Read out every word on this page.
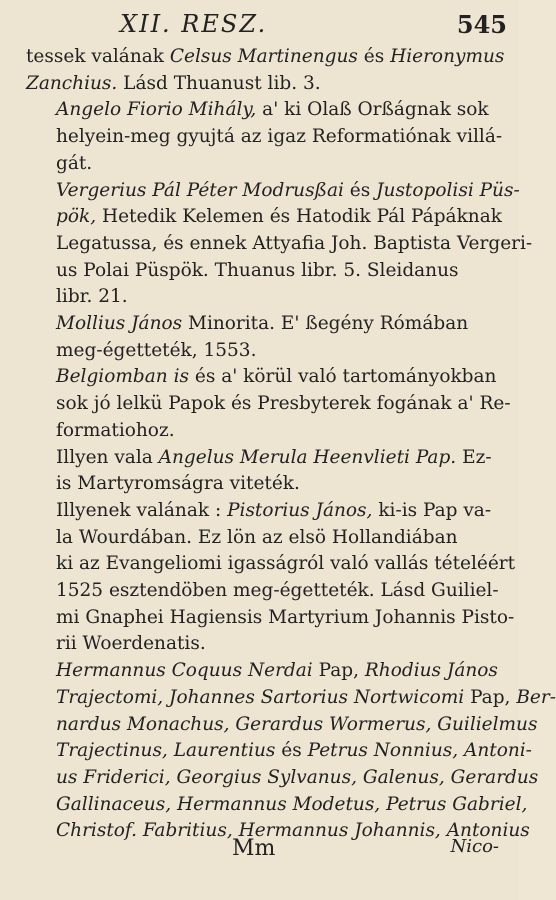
XII. RESZ.	545
tessek valának Celsus Martinengus és Hieronymus
Zanchius. Lásd Thuanust lib. 3.
Angelo Fiorio Mihály, a' ki Olaß Orßágnak sok
helyein-meg gyujtá az igaz Reformatiónak villá-
gát.
Vergerius Pál Péter Modrusßai és Justopolisi Püs-
pök, Hetedik Kelemen és Hatodik Pál Pápáknak
Legatussa, és ennek Attyafia Joh. Baptista Vergeri-
us Polai Püspök. Thuanus libr. 5. Sleidanus
libr. 21.
Mollius János Minorita. E' ßegény Rómában
meg-égetteték, 1553.
Belgiomban is és a' körül való tartományokban
sok jó lelkü Papok és Presbyterek fogának a' Re-
formatiohoz.
Illyen vala Angelus Merula Heenvlieti Pap. Ez-
is Martyromságra viteték.
Illyenek valának : Pistorius János, ki-is Pap va-
la Wourdában. Ez lön az elsö Hollandiában
ki az Evangeliomi igasságról való vallás tételéért
1525 esztendöben meg-égetteték. Lásd Guiliel-
mi Gnaphei Hagiensis Martyrium Johannis Pisto-
rii Woerdenatis.
Hermannus Coquus Nerdai Pap, Rhodius János
Trajectomi, Johannes Sartorius Nortwicomi Pap, Ber-
nardus Monachus, Gerardus Wormerus, Guilielmus
Trajectinus, Laurentius és Petrus Nonnius, Antoni-
us Friderici, Georgius Sylvanus, Galenus, Gerardus
Gallinaceus, Hermannus Modetus, Petrus Gabriel,
Christof. Fabritius, Hermannus Johannis, Antonius
Mm	Nico-
